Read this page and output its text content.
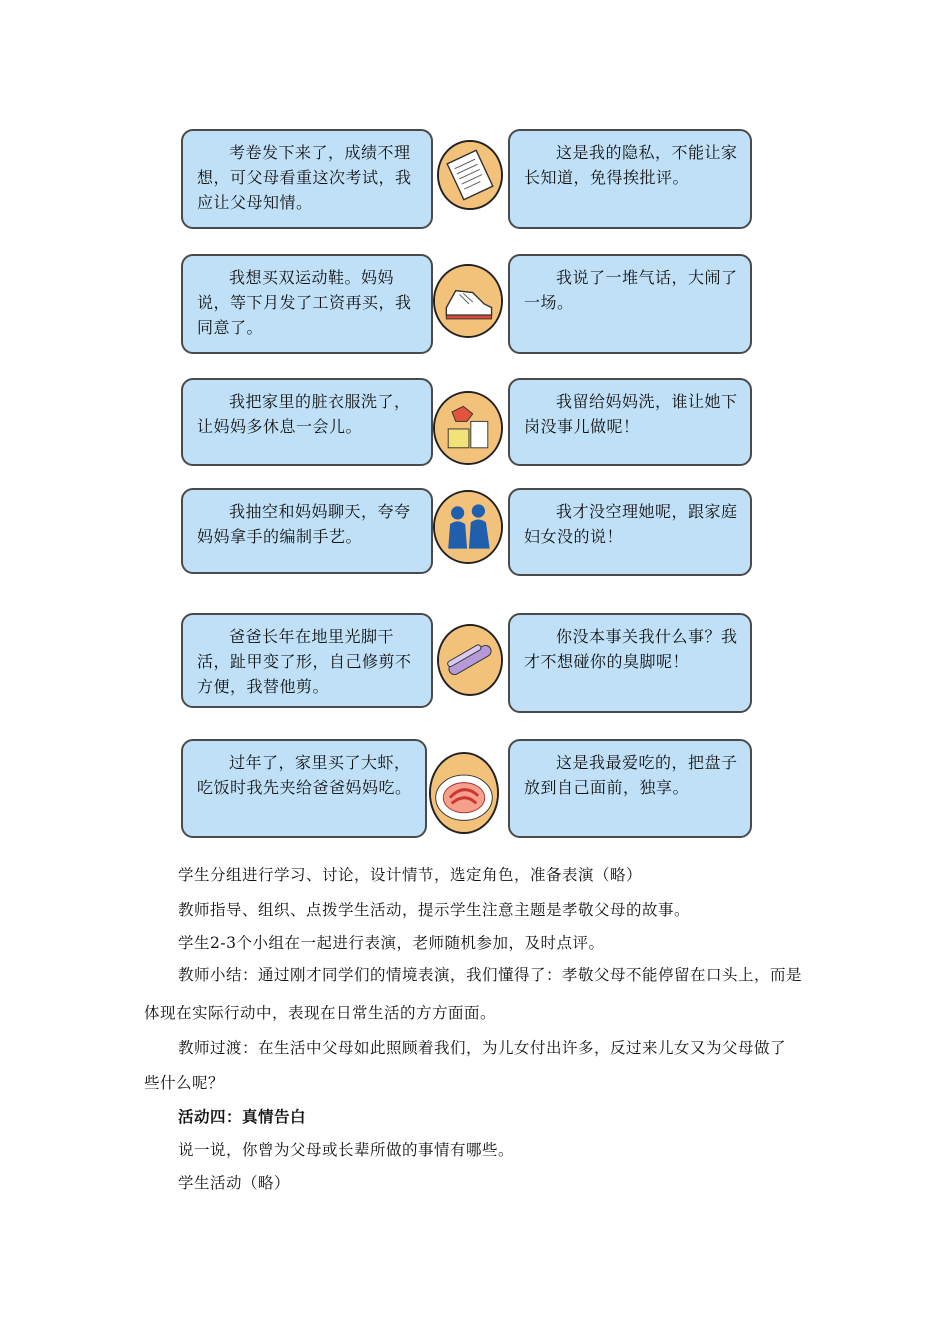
考卷发下来了，成绩不理想，可父母看重这次考试，我应让父母知情。
这是我的隐私，不能让家长知道，免得挨批评。
我想买双运动鞋。妈妈说，等下月发了工资再买，我同意了。
我说了一堆气话，大闹了一场。
我把家里的脏衣服洗了，让妈妈多休息一会儿。
我留给妈妈洗，谁让她下岗没事儿做呢！
我抽空和妈妈聊天，夸夸妈妈拿手的编制手艺。
我才没空理她呢，跟家庭妇女没的说！
爸爸长年在地里光脚干活，趾甲变了形，自己修剪不方便，我替他剪。
你没本事关我什么事？我才不想碰你的臭脚呢！
过年了，家里买了大虾，吃饭时我先夹给爸爸妈妈吃。
这是我最爱吃的，把盘子放到自己面前，独享。
学生分组进行学习、讨论，设计情节，选定角色，准备表演（略）
教师指导、组织、点拨学生活动，提示学生注意主题是孝敬父母的故事。
学生2-3个小组在一起进行表演，老师随机参加，及时点评。
教师小结：通过刚才同学们的情境表演，我们懂得了：孝敬父母不能停留在口头上，而是
体现在实际行动中，表现在日常生活的方方面面。
教师过渡：在生活中父母如此照顾着我们，为儿女付出许多，反过来儿女又为父母做了
些什么呢？
活动四：真情告白
说一说，你曾为父母或长辈所做的事情有哪些。
学生活动（略）
